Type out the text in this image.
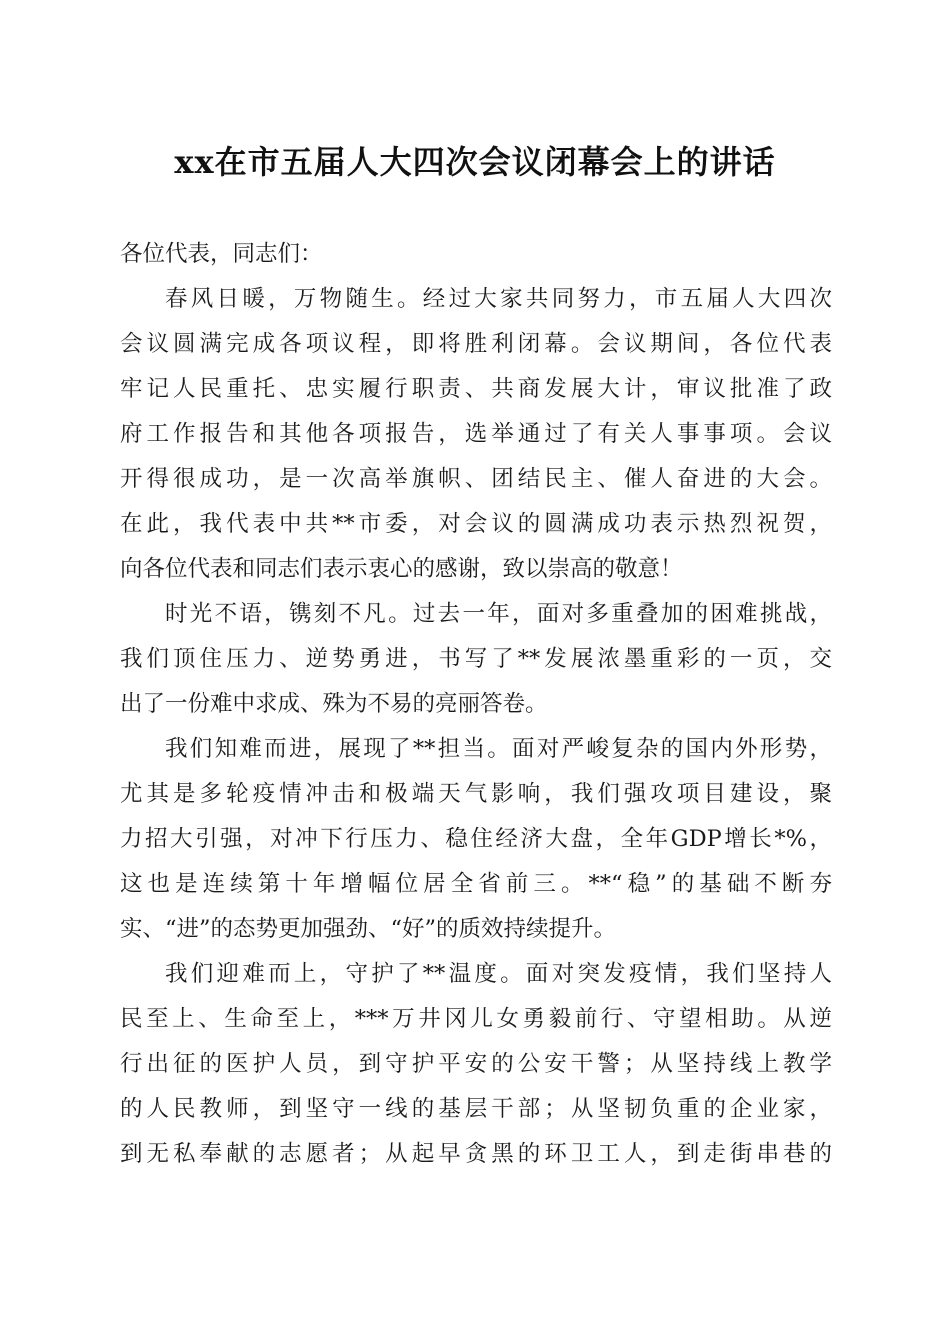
xx在市五届人大四次会议闭幕会上的讲话
各位代表，同志们：
春风日暖，万物随生。经过大家共同努力，市五届人大四次
会议圆满完成各项议程，即将胜利闭幕。会议期间，各位代表
牢记人民重托、忠实履行职责、共商发展大计，审议批准了政
府工作报告和其他各项报告，选举通过了有关人事事项。会议
开得很成功，是一次高举旗帜、团结民主、催人奋进的大会。
在此，我代表中共**市委，对会议的圆满成功表示热烈祝贺，
向各位代表和同志们表示衷心的感谢，致以崇高的敬意！
时光不语，镌刻不凡。过去一年，面对多重叠加的困难挑战，
我们顶住压力、逆势勇进，书写了**发展浓墨重彩的一页，交
出了一份难中求成、殊为不易的亮丽答卷。
我们知难而进，展现了**担当。面对严峻复杂的国内外形势，
尤其是多轮疫情冲击和极端天气影响，我们强攻项目建设，聚
力招大引强，对冲下行压力、稳住经济大盘，全年GDP增长*%，
这也是连续第十年增幅位居全省前三。**“稳”的基础不断夯
实、“进”的态势更加强劲、“好”的质效持续提升。
我们迎难而上，守护了**温度。面对突发疫情，我们坚持人
民至上、生命至上，***万井冈儿女勇毅前行、守望相助。从逆
行出征的医护人员，到守护平安的公安干警；从坚持线上教学
的人民教师，到坚守一线的基层干部；从坚韧负重的企业家，
到无私奉献的志愿者；从起早贪黑的环卫工人，到走街串巷的
